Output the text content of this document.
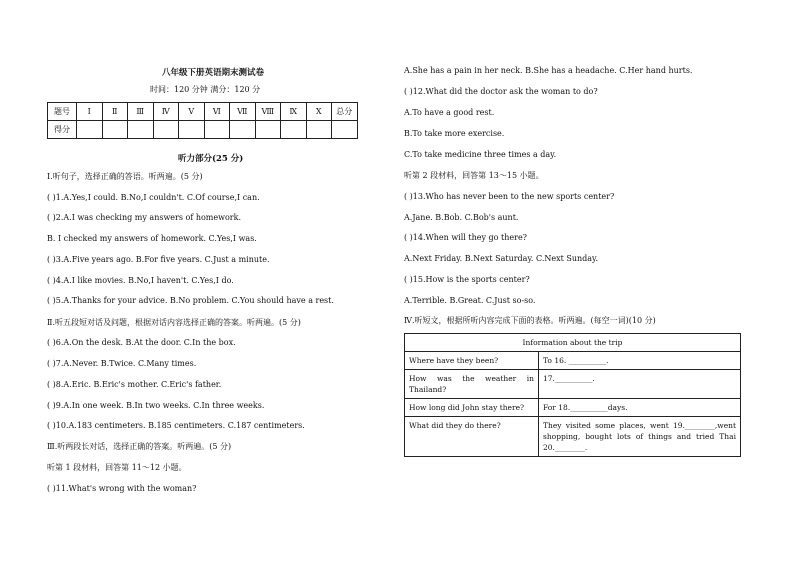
八年级下册英语期末测试卷
时间：120 分钟 满分：120 分
题号	Ⅰ	Ⅱ	Ⅲ	Ⅳ	Ⅴ	Ⅵ	Ⅶ	Ⅷ	Ⅸ	Ⅹ	总分
得分											
听力部分(25 分)
I.听句子，选择正确的答语。听两遍。(5 分)
( )1.A.Yes,I could. B.No,I couldn't. C.Of course,I can.
( )2.A.I was checking my answers of homework.
B. I checked my answers of homework. C.Yes,I was.
( )3.A.Five years ago. B.For five years. C.Just a minute.
( )4.A.I like movies. B.No,I haven't. C.Yes,I do.
( )5.A.Thanks for your advice. B.No problem. C.You should have a rest.
Ⅱ.听五段短对话及问题，根据对话内容选择正确的答案。听两遍。(5 分)
( )6.A.On the desk. B.At the door. C.In the box.
( )7.A.Never. B.Twice. C.Many times.
( )8.A.Eric. B.Eric's mother. C.Eric's father.
( )9.A.In one week. B.In two weeks. C.In three weeks.
( )10.A.183 centimeters. B.185 centimeters. C.187 centimeters.
Ⅲ.听两段长对话，选择正确的答案。听两遍。(5 分)
听第 1 段材料，回答第 11～12 小题。
( )11.What's wrong with the woman?
A.She has a pain in her neck. B.She has a headache. C.Her hand hurts.
( )12.What did the doctor ask the woman to do?
A.To have a good rest.
B.To take more exercise.
C.To take medicine three times a day.
听第 2 段材料，回答第 13～15 小题。
( )13.Who has never been to the new sports center?
A.Jane. B.Bob. C.Bob's aunt.
( )14.When will they go there?
A.Next Friday. B.Next Saturday. C.Next Sunday.
( )15.How is the sports center?
A.Terrible. B.Great. C.Just so-so.
Ⅳ.听短文，根据所听内容完成下面的表格。听两遍。(每空一词)(10 分)
Information about the trip	
Where have they been?	To 16. __________.

How was the weather in
Thailand?	17.__________.
How long did John stay there?	For 18.__________days.
What did they do there?	They visited some places, went 19.________,went
shopping, bought lots of things and tried Thai
20.________.
